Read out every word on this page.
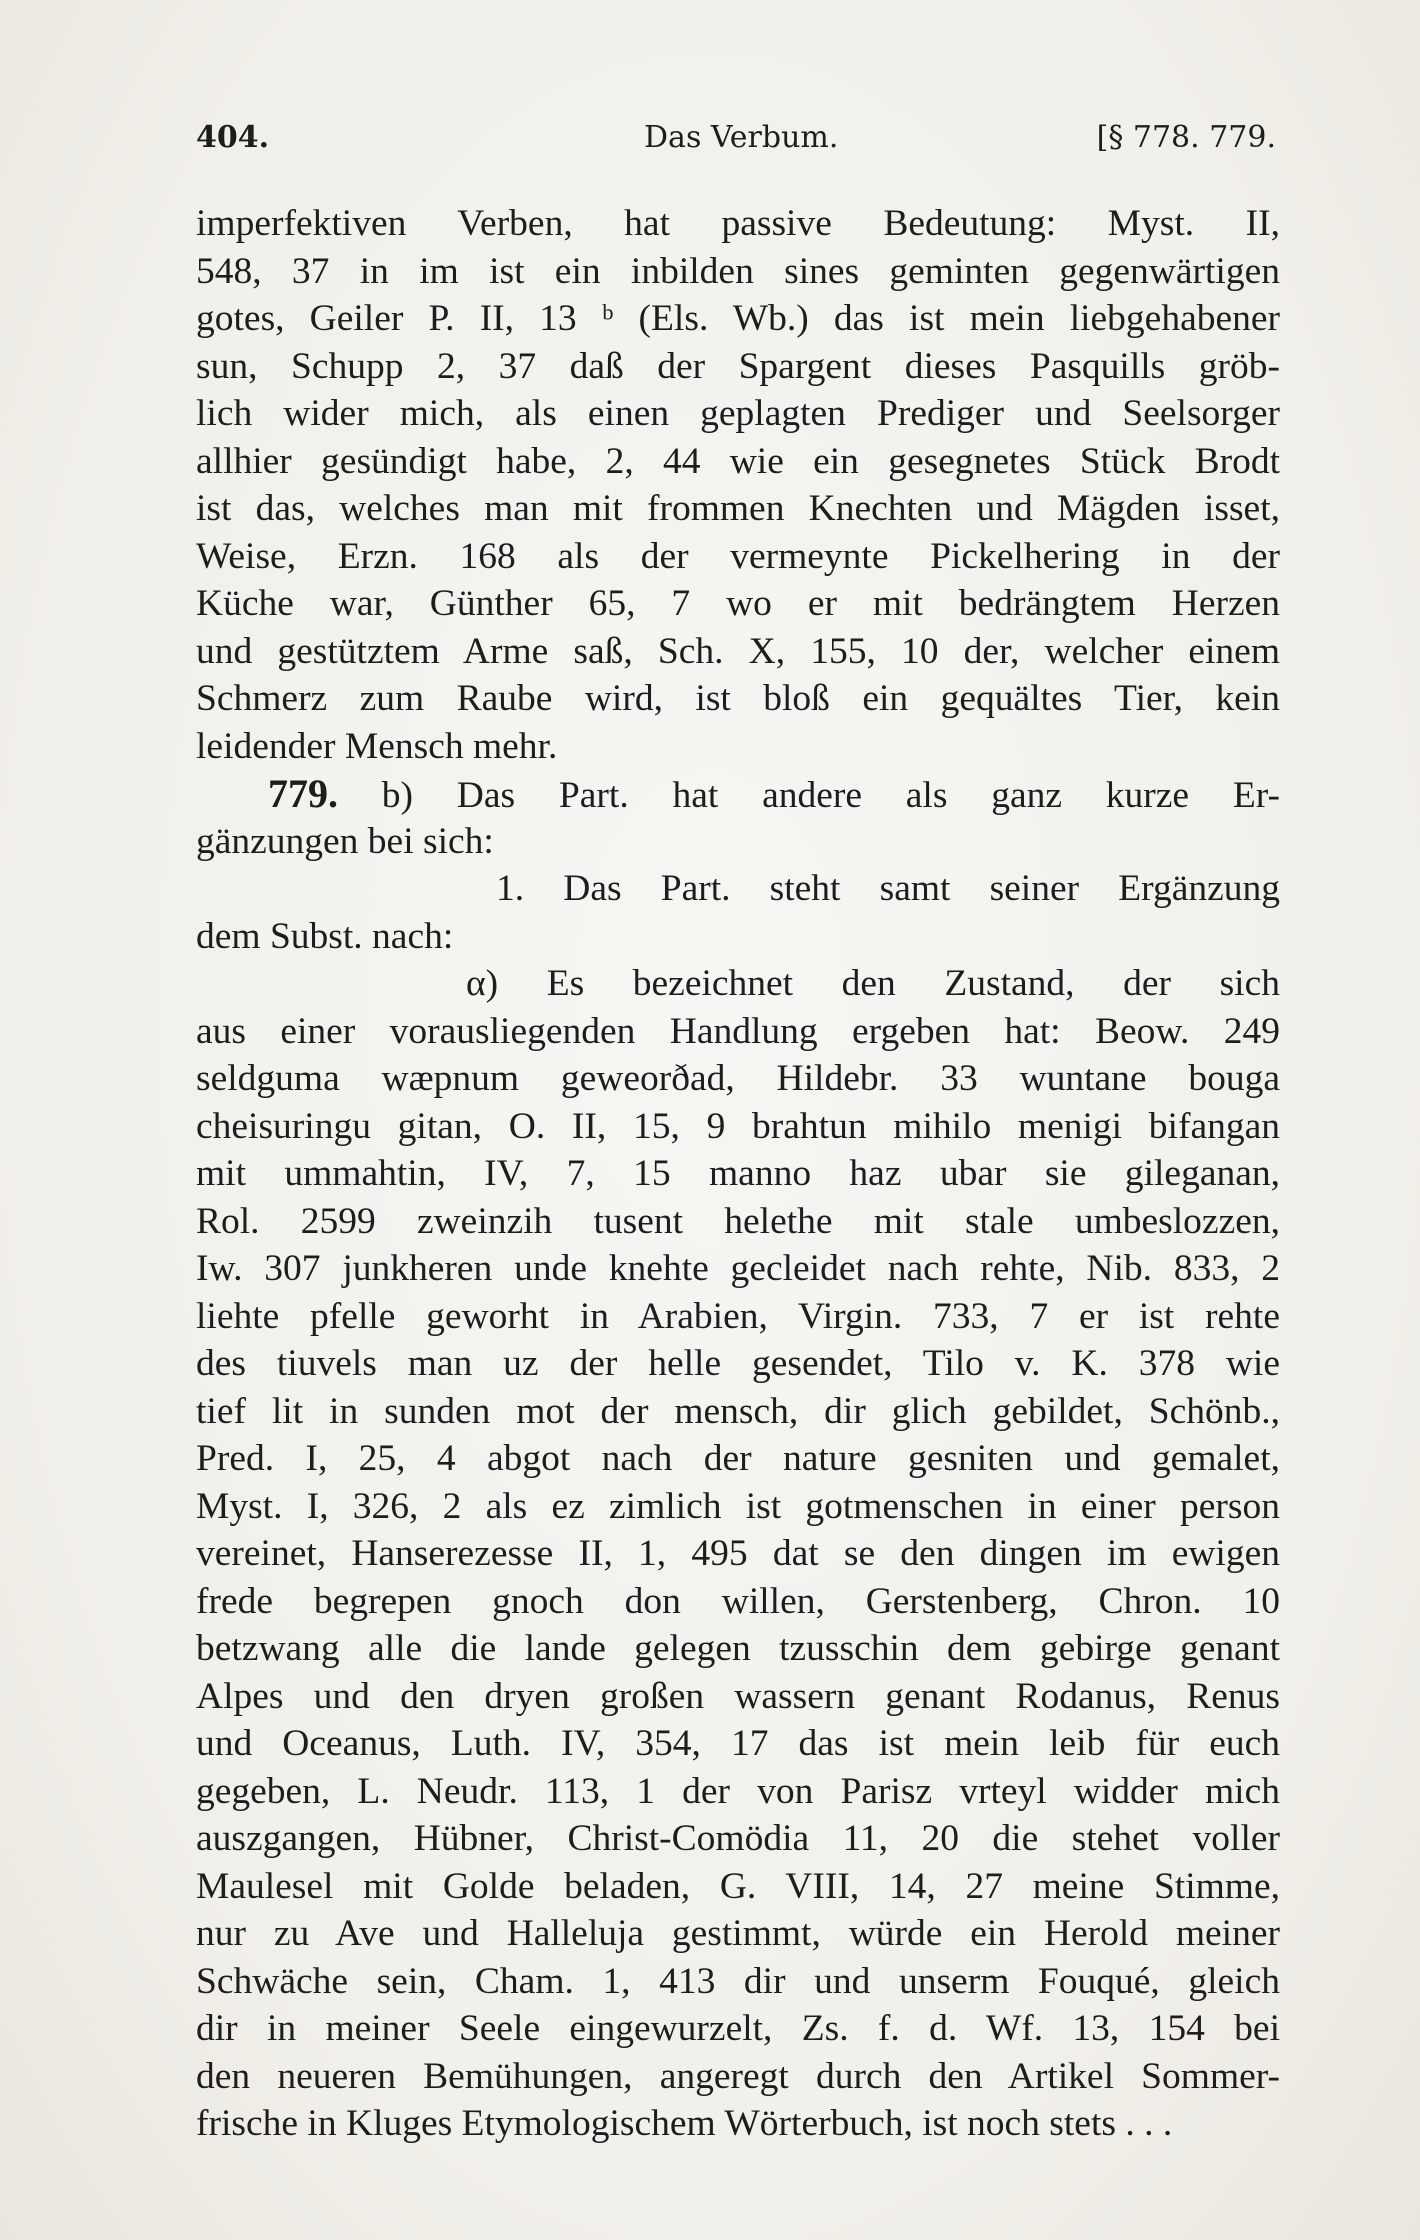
404.	Das Verbum.	[§ 778. 779.
imperfektiven Verben, hat passive Bedeutung: Myst. II,
548, 37 in im ist ein inbilden sines geminten gegenwärtigen
gotes, Geiler P. II, 13 ᵇ (Els. Wb.) das ist mein liebgehabener
sun, Schupp 2, 37 daß der Spargent dieses Pasquills gröb-
lich wider mich, als einen geplagten Prediger und Seelsorger
allhier gesündigt habe, 2, 44 wie ein gesegnetes Stück Brodt
ist das, welches man mit frommen Knechten und Mägden isset,
Weise, Erzn. 168 als der vermeynte Pickelhering in der
Küche war, Günther 65, 7 wo er mit bedrängtem Herzen
und gestütztem Arme saß, Sch. X, 155, 10 der, welcher einem
Schmerz zum Raube wird, ist bloß ein gequältes Tier, kein
leidender Mensch mehr.
779. b) Das Part. hat andere als ganz kurze Er-
gänzungen bei sich:
1. Das Part. steht samt seiner Ergänzung
dem Subst. nach:
α) Es bezeichnet den Zustand, der sich
aus einer vorausliegenden Handlung ergeben hat: Beow. 249
seldguma wæpnum geweorðad, Hildebr. 33 wuntane bouga
cheisuringu gitan, O. II, 15, 9 brahtun mihilo menigi bifangan
mit ummahtin, IV, 7, 15 manno haz ubar sie gileganan,
Rol. 2599 zweinzih tusent helethe mit stale umbeslozzen,
Iw. 307 junkheren unde knehte gecleidet nach rehte, Nib. 833, 2
liehte pfelle geworht in Arabien, Virgin. 733, 7 er ist rehte
des tiuvels man uz der helle gesendet, Tilo v. K. 378 wie
tief lit in sunden mot der mensch, dir glich gebildet, Schönb.,
Pred. I, 25, 4 abgot nach der nature gesniten und gemalet,
Myst. I, 326, 2 als ez zimlich ist gotmenschen in einer person
vereinet, Hanserezesse II, 1, 495 dat se den dingen im ewigen
frede begrepen gnoch don willen, Gerstenberg, Chron. 10
betzwang alle die lande gelegen tzusschin dem gebirge genant
Alpes und den dryen großen wassern genant Rodanus, Renus
und Oceanus, Luth. IV, 354, 17 das ist mein leib für euch
gegeben, L. Neudr. 113, 1 der von Parisz vrteyl widder mich
auszgangen, Hübner, Christ-Comödia 11, 20 die stehet voller
Maulesel mit Golde beladen, G. VIII, 14, 27 meine Stimme,
nur zu Ave und Halleluja gestimmt, würde ein Herold meiner
Schwäche sein, Cham. 1, 413 dir und unserm Fouqué, gleich
dir in meiner Seele eingewurzelt, Zs. f. d. Wf. 13, 154 bei
den neueren Bemühungen, angeregt durch den Artikel Sommer-
frische in Kluges Etymologischem Wörterbuch, ist noch stets . . .
